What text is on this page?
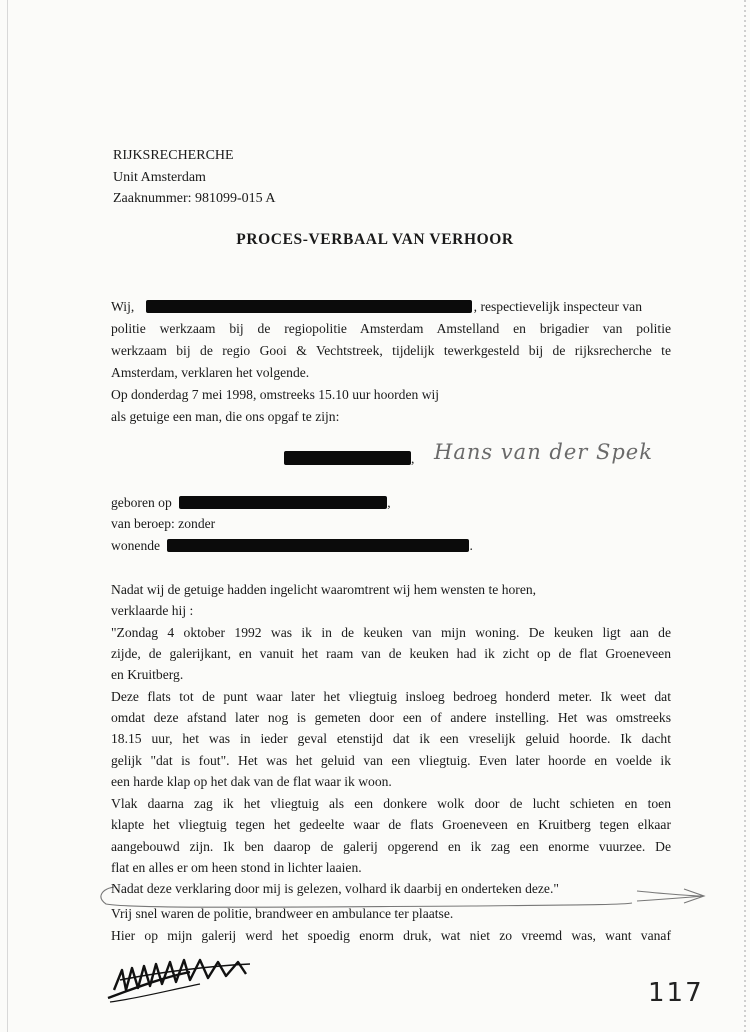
RIJKSRECHERCHE
Unit Amsterdam
Zaaknummer: 981099-015 A
PROCES-VERBAAL VAN VERHOOR
Wij,	, respectievelijk inspecteur van
politie werkzaam bij de regiopolitie Amsterdam Amstelland en brigadier van politie
werkzaam bij de regio Gooi & Vechtstreek, tijdelijk tewerkgesteld bij de rijksrecherche te
Amsterdam, verklaren het volgende.
Op donderdag 7 mei 1998, omstreeks 15.10 uur hoorden wij
als getuige een man, die ons opgaf te zijn:
, Hans van der Spek
geboren op	,
van beroep: zonder
wonende	.
Nadat wij de getuige hadden ingelicht waaromtrent wij hem wensten te horen,
verklaarde hij :
"Zondag 4 oktober 1992 was ik in de keuken van mijn woning. De keuken ligt aan de
zijde, de galerijkant, en vanuit het raam van de keuken had ik zicht op de flat Groeneveen
en Kruitberg.
Deze flats tot de punt waar later het vliegtuig insloeg bedroeg honderd meter. Ik weet dat
omdat deze afstand later nog is gemeten door een of andere instelling. Het was omstreeks
18.15 uur, het was in ieder geval etenstijd dat ik een vreselijk geluid hoorde. Ik dacht
gelijk "dat is fout". Het was het geluid van een vliegtuig. Even later hoorde en voelde ik
een harde klap op het dak van de flat waar ik woon.
Vlak daarna zag ik het vliegtuig als een donkere wolk door de lucht schieten en toen
klapte het vliegtuig tegen het gedeelte waar de flats Groeneveen en Kruitberg tegen elkaar
aangebouwd zijn. Ik ben daarop de galerij opgerend en ik zag een enorme vuurzee. De
flat en alles er om heen stond in lichter laaien.
Nadat deze verklaring door mij is gelezen, volhard ik daarbij en onderteken deze."
Vrij snel waren de politie, brandweer en ambulance ter plaatse.
Hier op mijn galerij werd het spoedig enorm druk, wat niet zo vreemd was, want vanaf
117
